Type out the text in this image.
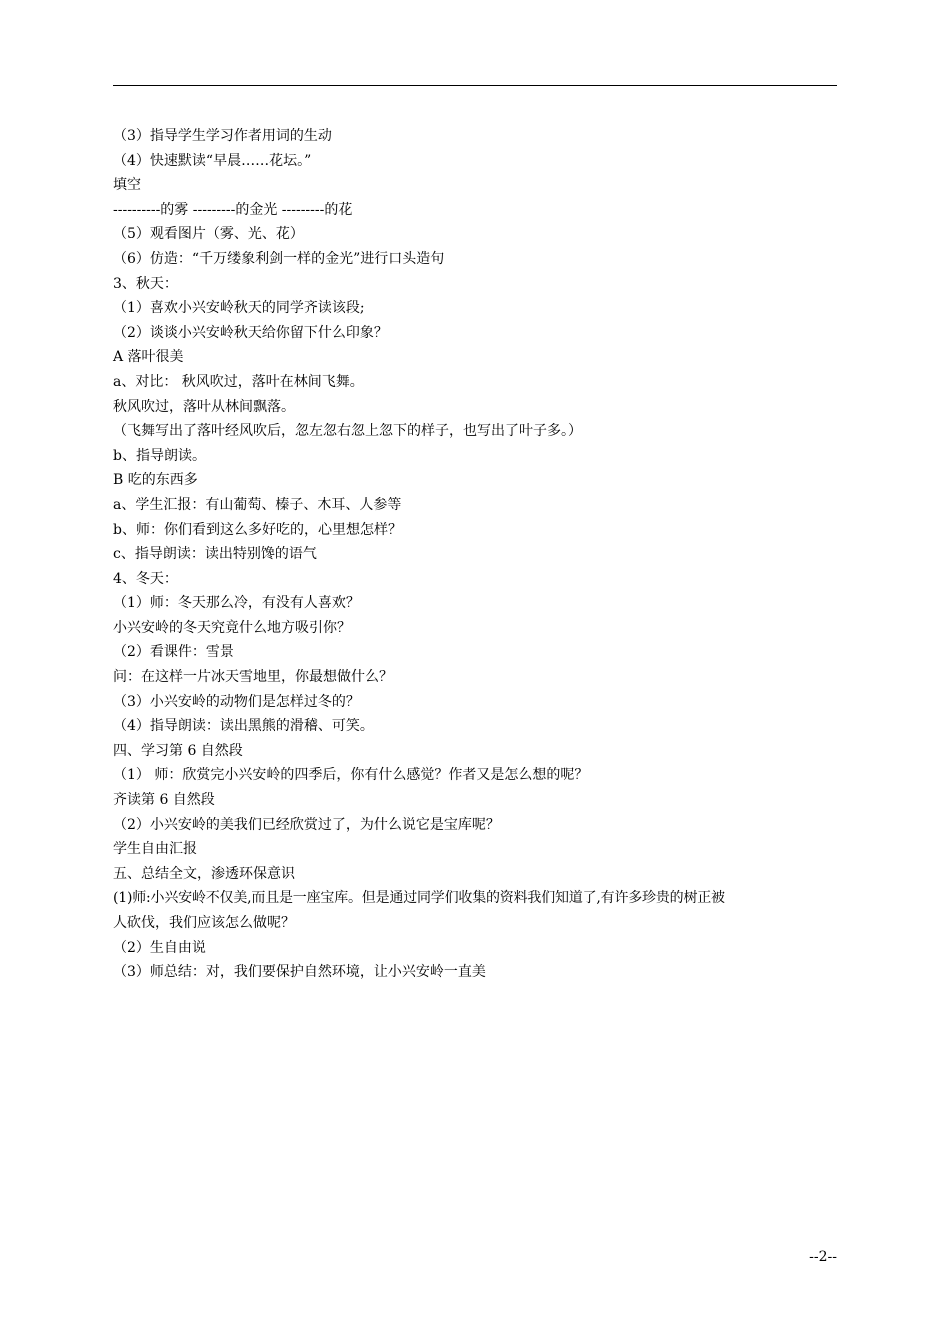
（3）指导学生学习作者用词的生动
（4）快速默读“早晨……花坛。”
填空
----------的雾 ---------的金光 ---------的花
（5）观看图片（雾、光、花）
（6）仿造：“千万缕象利剑一样的金光”进行口头造句
3、秋天：
（1）喜欢小兴安岭秋天的同学齐读该段;
（2）谈谈小兴安岭秋天给你留下什么印象？
A 落叶很美
a、对比： 秋风吹过，落叶在林间飞舞。
秋风吹过，落叶从林间飘落。
（飞舞写出了落叶经风吹后，忽左忽右忽上忽下的样子，也写出了叶子多。）
b、指导朗读。
B 吃的东西多
a、学生汇报：有山葡萄、榛子、木耳、人参等
b、师：你们看到这么多好吃的，心里想怎样？
c、指导朗读：读出特别馋的语气
4、冬天：
（1）师：冬天那么冷，有没有人喜欢？
小兴安岭的冬天究竟什么地方吸引你？
（2）看课件：雪景
问：在这样一片冰天雪地里，你最想做什么？
（3）小兴安岭的动物们是怎样过冬的？
（4）指导朗读：读出黑熊的滑稽、可笑。
四、学习第 6 自然段
（1） 师：欣赏完小兴安岭的四季后，你有什么感觉？作者又是怎么想的呢？
齐读第 6 自然段
（2）小兴安岭的美我们已经欣赏过了，为什么说它是宝库呢？
学生自由汇报
五、总结全文，渗透环保意识
(1)师:小兴安岭不仅美,而且是一座宝库。但是通过同学们收集的资料我们知道了,有许多珍贵的树正被
人砍伐，我们应该怎么做呢？
（2）生自由说
（3）师总结：对，我们要保护自然环境，让小兴安岭一直美
--2--
